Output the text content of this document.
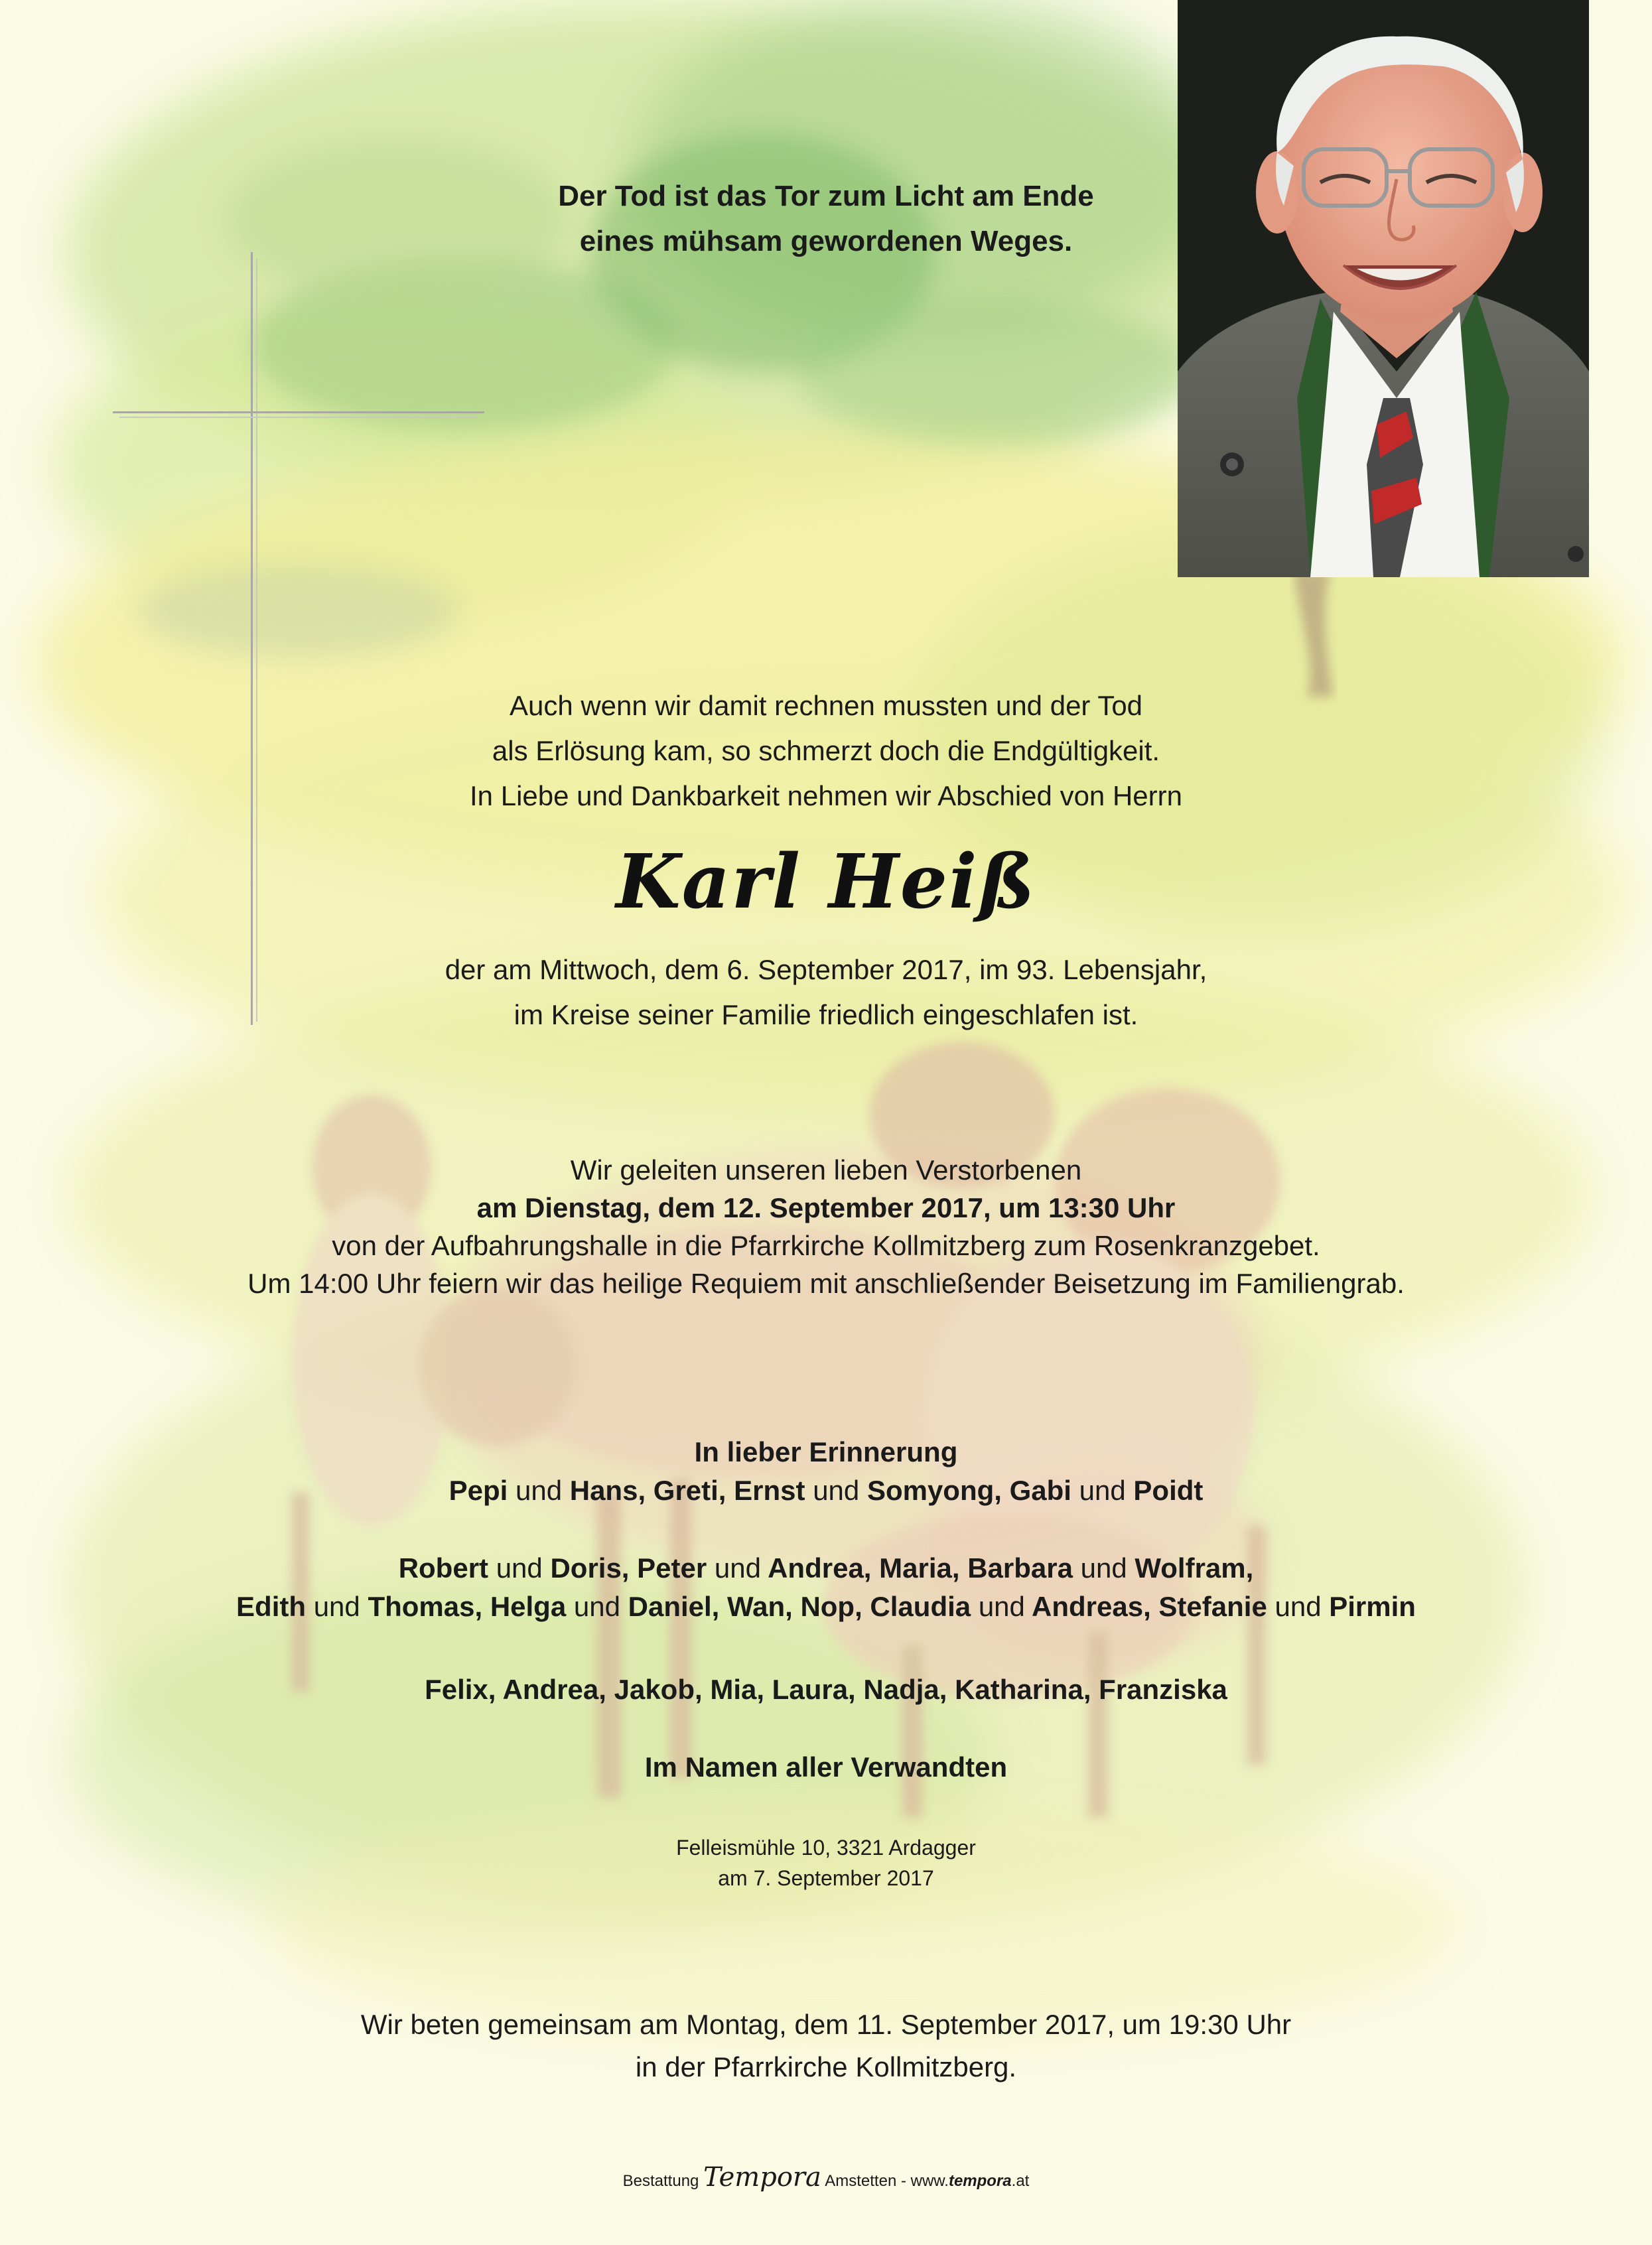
Der Tod ist das Tor zum Licht am Ende
eines mühsam gewordenen Weges.
Auch wenn wir damit rechnen mussten und der Tod
als Erlösung kam, so schmerzt doch die Endgültigkeit.
In Liebe und Dankbarkeit nehmen wir Abschied von Herrn
Karl Heiß
der am Mittwoch, dem 6. September 2017, im 93. Lebensjahr,
im Kreise seiner Familie friedlich eingeschlafen ist.
Wir geleiten unseren lieben Verstorbenen
am Dienstag, dem 12. September 2017, um 13:30 Uhr
von der Aufbahrungshalle in die Pfarrkirche Kollmitzberg zum Rosenkranzgebet.
Um 14:00 Uhr feiern wir das heilige Requiem mit anschließender Beisetzung im Familiengrab.
In lieber Erinnerung
Pepi und Hans, Greti, Ernst und Somyong, Gabi und Poidt
Robert und Doris, Peter und Andrea, Maria, Barbara und Wolfram,
Edith und Thomas, Helga und Daniel, Wan, Nop, Claudia und Andreas, Stefanie und Pirmin
Felix, Andrea, Jakob, Mia, Laura, Nadja, Katharina, Franziska
Im Namen aller Verwandten
Felleismühle 10, 3321 Ardagger
am 7. September 2017
Wir beten gemeinsam am Montag, dem 11. September 2017, um 19:30 Uhr
in der Pfarrkirche Kollmitzberg.
Bestattung Tempora Amstetten - www.tempora.at
